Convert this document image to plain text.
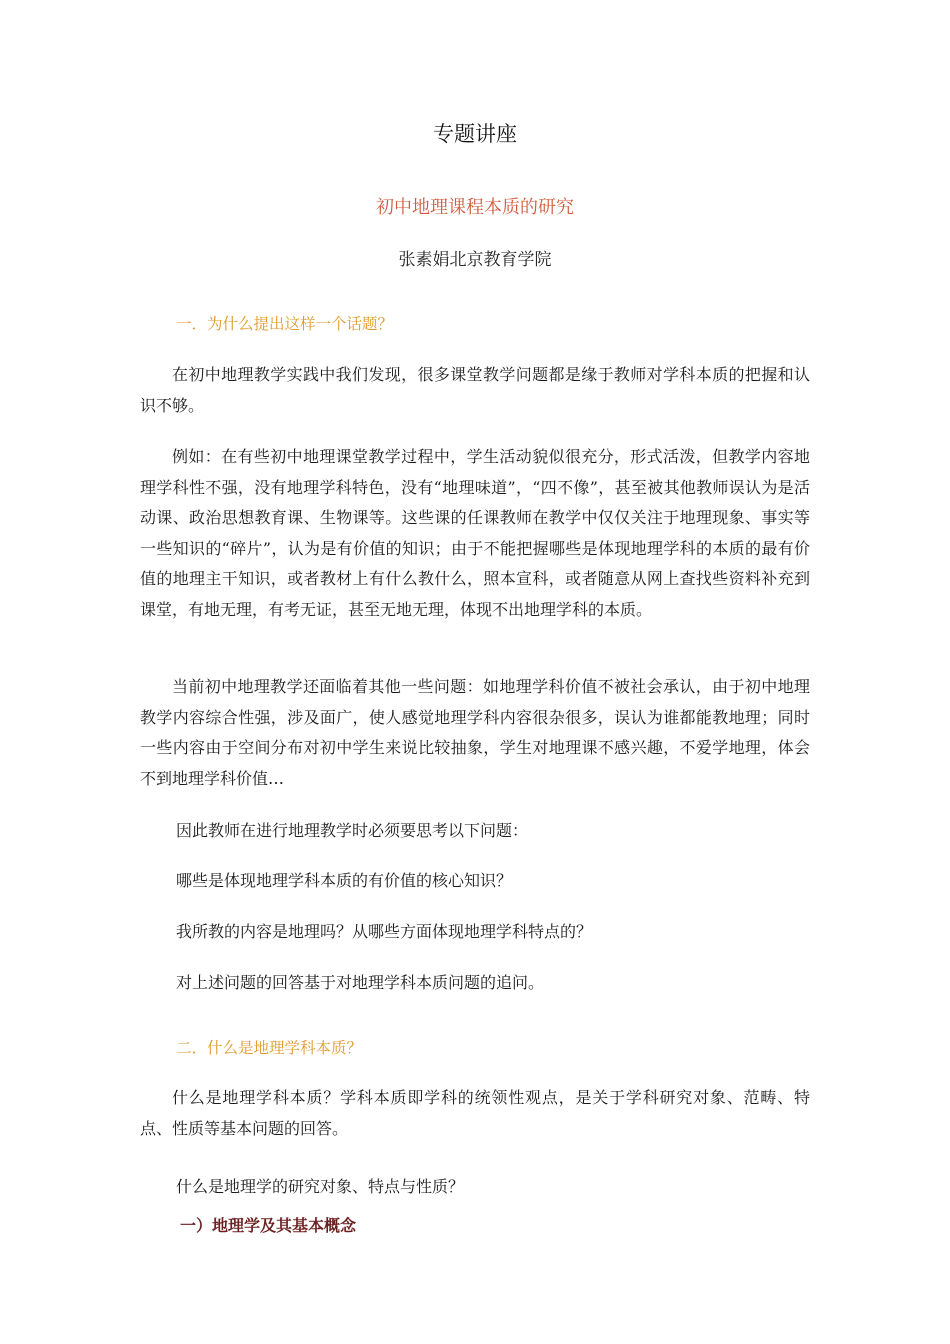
专题讲座
初中地理课程本质的研究
张素娟北京教育学院
一．为什么提出这样一个话题？

在初中地理教学实践中我们发现，很多课堂教学问题都是缘于教师对学科本质的把握和认识不够。

例如：在有些初中地理课堂教学过程中，学生活动貌似很充分，形式活泼，但教学内容地理学科性不强，没有地理学科特色，没有“地理味道”，“四不像”，甚至被其他教师误认为是活动课、政治思想教育课、生物课等。这些课的任课教师在教学中仅仅关注于地理现象、事实等一些知识的“碎片”，认为是有价值的知识；由于不能把握哪些是体现地理学科的本质的最有价值的地理主干知识，或者教材上有什么教什么，照本宣科，或者随意从网上查找些资料补充到课堂，有地无理，有考无证，甚至无地无理，体现不出地理学科的本质。

当前初中地理教学还面临着其他一些问题：如地理学科价值不被社会承认，由于初中地理教学内容综合性强，涉及面广，使人感觉地理学科内容很杂很多，误认为谁都能教地理；同时一些内容由于空间分布对初中学生来说比较抽象，学生对地理课不感兴趣，不爱学地理，体会不到地理学科价值…

因此教师在进行地理教学时必须要思考以下问题：
哪些是体现地理学科本质的有价值的核心知识？
我所教的内容是地理吗？从哪些方面体现地理学科特点的？
对上述问题的回答基于对地理学科本质问题的追问。
二．什么是地理学科本质？

什么是地理学科本质？学科本质即学科的统领性观点，是关于学科研究对象、范畴、特点、性质等基本问题的回答。

什么是地理学的研究对象、特点与性质？
一）地理学及其基本概念
